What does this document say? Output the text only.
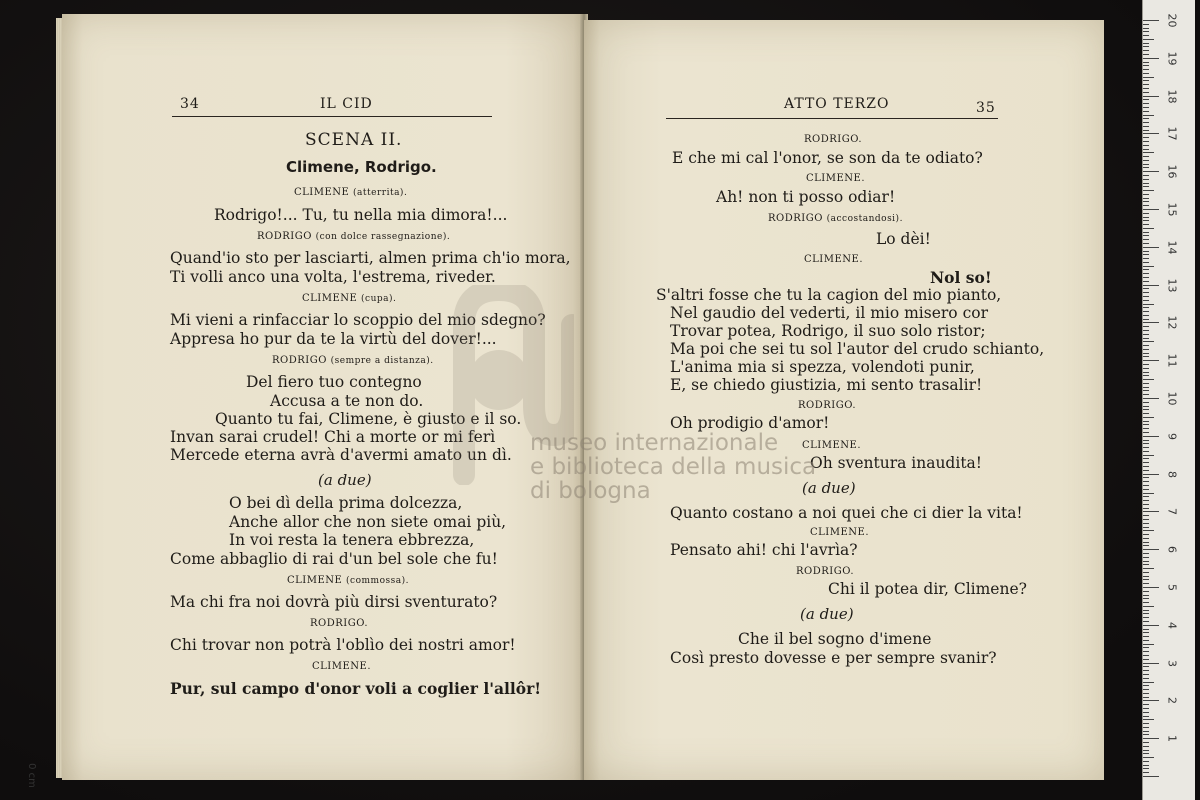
34	IL CID
SCENA II.
Climene, Rodrigo.
CLIMENE (atterrita).
Rodrigo!... Tu, tu nella mia dimora!...
RODRIGO (con dolce rassegnazione).
Quand'io sto per lasciarti, almen prima ch'io mora,
Ti volli anco una volta, l'estrema, riveder.
CLIMENE (cupa).
Mi vieni a rinfacciar lo scoppio del mio sdegno?
Appresa ho pur da te la virtù del dover!...
RODRIGO (sempre a distanza).
Del fiero tuo contegno
Accusa a te non do.
Quanto tu fai, Climene, è giusto e il so.
Invan sarai crudel! Chi a morte or mi ferì
Mercede eterna avrà d'avermi amato un dì.
(a due)
O bei dì della prima dolcezza,
Anche allor che non siete omai più,
In voi resta la tenera ebbrezza,
Come abbaglio di rai d'un bel sole che fu!
CLIMENE (commossa).
Ma chi fra noi dovrà più dirsi sventurato?
RODRIGO.
Chi trovar non potrà l'oblìo dei nostri amor!
CLIMENE.
Pur, sul campo d'onor voli a coglier l'allôr!
ATTO TERZO	35
RODRIGO.
E che mi cal l'onor, se son da te odiato?
CLIMENE.
Ah! non ti posso odiar!
RODRIGO (accostandosi).
Lo dèi!
CLIMENE.
Nol so!
S'altri fosse che tu la cagion del mio pianto,
Nel gaudio del vederti, il mio misero cor
Trovar potea, Rodrigo, il suo solo ristor;
Ma poi che sei tu sol l'autor del crudo schianto,
L'anima mia si spezza, volendoti punir,
E, se chiedo giustizia, mi sento trasalir!
RODRIGO.
Oh prodigio d'amor!
CLIMENE.
Oh sventura inaudita!
(a due)
Quanto costano a noi quei che ci dier la vita!
CLIMENE.
Pensato ahi! chi l'avrìa?
RODRIGO.
Chi il potea dir, Climene?
(a due)
Che il bel sogno d'imene
Così presto dovesse e per sempre svanir?
museo internazionale
e biblioteca della musica
di bologna
1
2
3
4
5
6
7
8
9
10
11
12
13
14
15
16
17
18
19
20
0 cm
